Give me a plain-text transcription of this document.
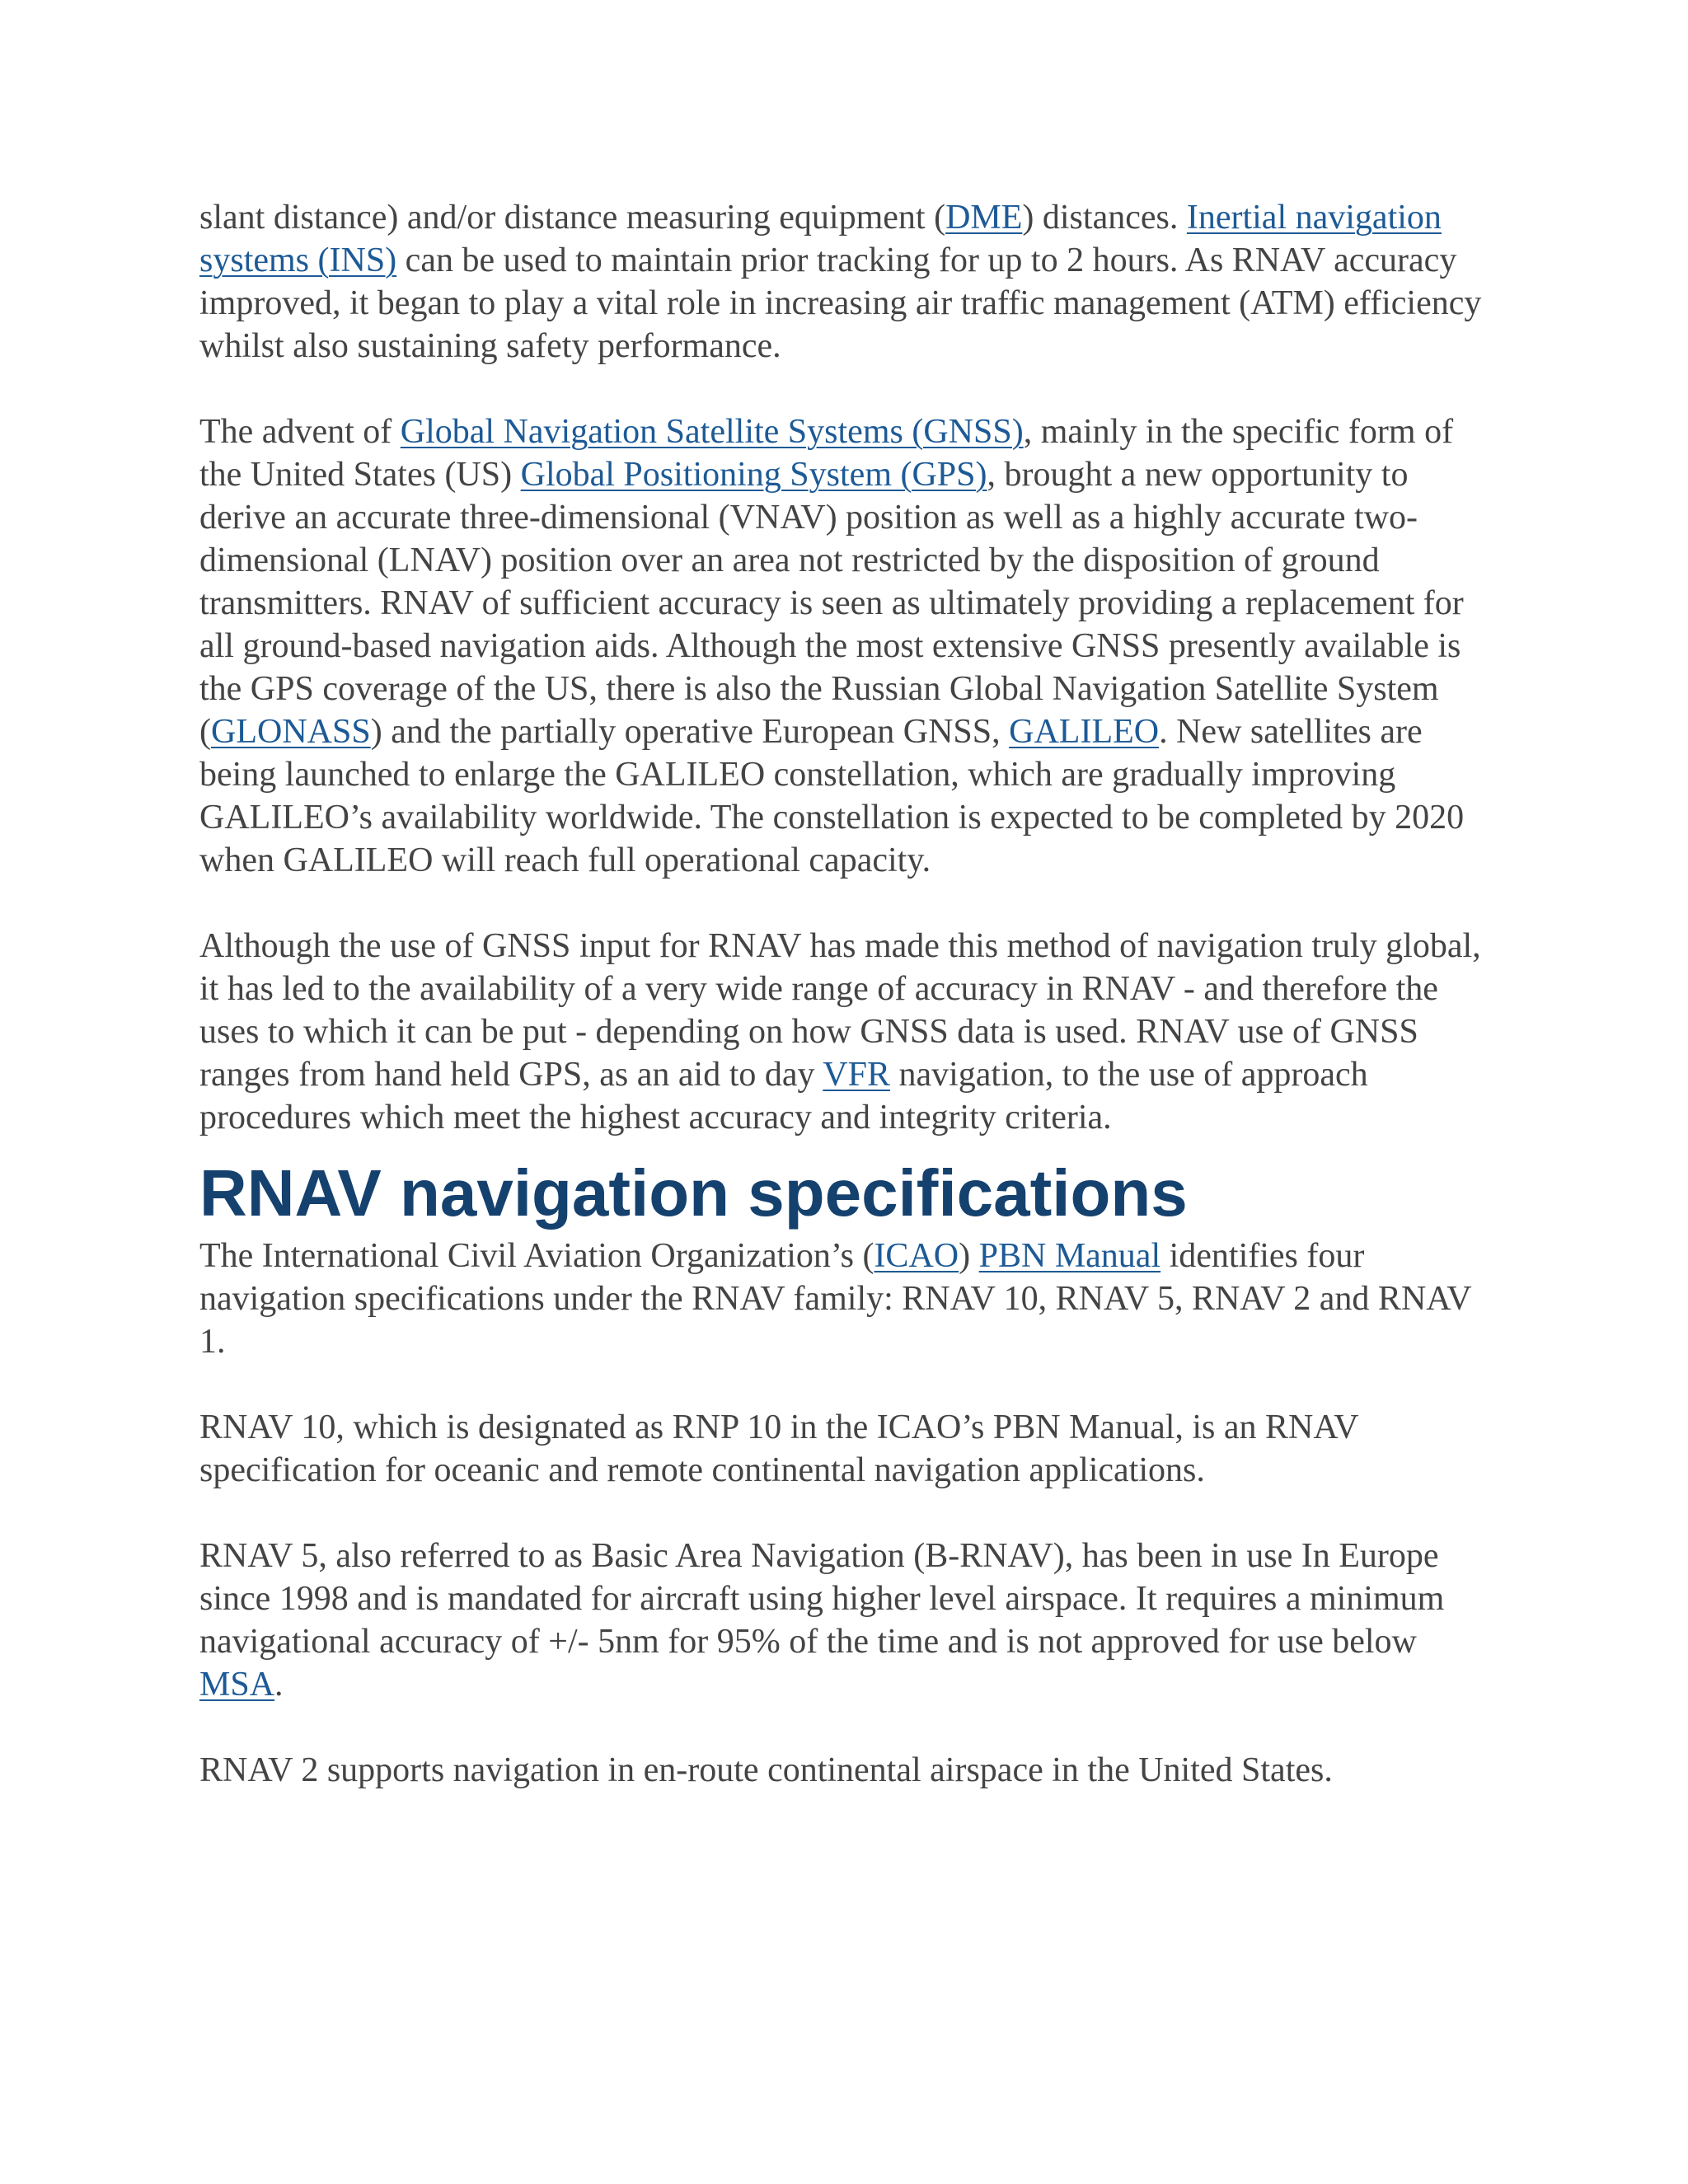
slant distance) and/or distance measuring equipment (DME) distances. Inertial navigation systems (INS) can be used to maintain prior tracking for up to 2 hours. As RNAV accuracy improved, it began to play a vital role in increasing air traffic management (ATM) efficiency whilst also sustaining safety performance.

The advent of Global Navigation Satellite Systems (GNSS), mainly in the specific form of the United States (US) Global Positioning System (GPS), brought a new opportunity to derive an accurate three-dimensional (VNAV) position as well as a highly accurate two-dimensional (LNAV) position over an area not restricted by the disposition of ground transmitters. RNAV of sufficient accuracy is seen as ultimately providing a replacement for all ground-based navigation aids. Although the most extensive GNSS presently available is the GPS coverage of the US, there is also the Russian Global Navigation Satellite System (GLONASS) and the partially operative European GNSS, GALILEO. New satellites are being launched to enlarge the GALILEO constellation, which are gradually improving GALILEO’s availability worldwide. The constellation is expected to be completed by 2020 when GALILEO will reach full operational capacity.

Although the use of GNSS input for RNAV has made this method of navigation truly global, it has led to the availability of a very wide range of accuracy in RNAV - and therefore the uses to which it can be put - depending on how GNSS data is used. RNAV use of GNSS ranges from hand held GPS, as an aid to day VFR navigation, to the use of approach procedures which meet the highest accuracy and integrity criteria.

RNAV navigation specifications

The International Civil Aviation Organization’s (ICAO) PBN Manual identifies four navigation specifications under the RNAV family: RNAV 10, RNAV 5, RNAV 2 and RNAV 1.

RNAV 10, which is designated as RNP 10 in the ICAO’s PBN Manual, is an RNAV specification for oceanic and remote continental navigation applications.

RNAV 5, also referred to as Basic Area Navigation (B-RNAV), has been in use In Europe since 1998 and is mandated for aircraft using higher level airspace. It requires a minimum navigational accuracy of +/- 5nm for 95% of the time and is not approved for use below MSA.

RNAV 2 supports navigation in en-route continental airspace in the United States.
